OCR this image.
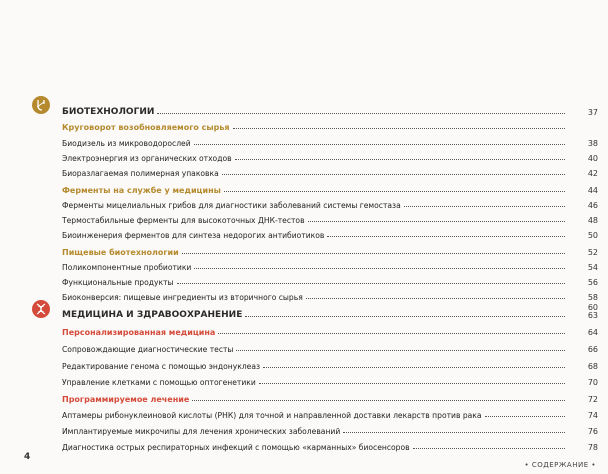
БИОТЕХНОЛОГИИ	37
Круговорот возобновляемого сырья
Биодизель из микроводорослей	38
Электроэнергия из органических отходов	40
Биоразлагаемая полимерная упаковка	42
Ферменты на службе у медицины	44
Ферменты мицелиальных грибов для диагностики заболеваний системы гемостаза	46
Термостабильные ферменты для высокоточных ДНК-тестов	48
Биоинженерия ферментов для синтеза недорогих антибиотиков	50
Пищевые биотехнологии	52
Поликомпонентные пробиотики	54
Функциональные продукты	56
Биоконверсия: пищевые ингредиенты из вторичного сырья	58
60
МЕДИЦИНА И ЗДРАВООХРАНЕНИЕ	63
Персонализированная медицина	64
Сопровождающие диагностические тесты	66
Редактирование генома с помощью эндонуклеаз	68
Управление клетками с помощью оптогенетики	70
Программируемое лечение	72
Аптамеры рибонуклеиновой кислоты (РНК) для точной и направленной доставки лекарств против рака	74
Имплантируемые микрочипы для лечения хронических заболеваний	76
Диагностика острых респираторных инфекций с помощью «карманных» биосенсоров	78
4
• СОДЕРЖАНИЕ •
